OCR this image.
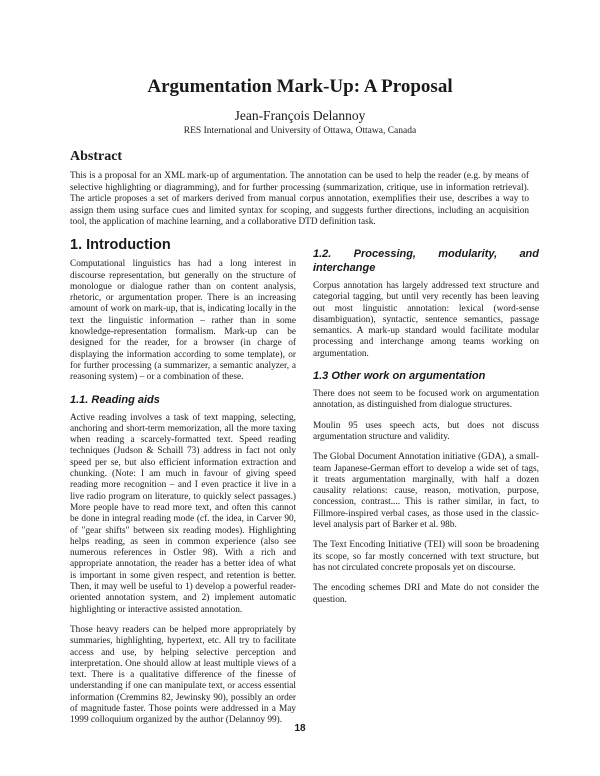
Argumentation Mark-Up: A Proposal

Jean-François Delannoy

RES International and University of Ottawa, Ottawa, Canada

Abstract

This is a proposal for an XML mark-up of argumentation. The annotation can be used to help the reader (e.g. by means of selective highlighting or diagramming), and for further processing (summarization, critique, use in information retrieval). The article proposes a set of markers derived from manual corpus annotation, exemplifies their use, describes a way to assign them using surface cues and limited syntax for scoping, and suggests further directions, including an acquisition tool, the application of machine learning, and a collaborative DTD definition task.

1. Introduction

Computational linguistics has had a long interest in discourse representation, but generally on the structure of monologue or dialogue rather than on content analysis, rhetoric, or argumentation proper. There is an increasing amount of work on mark-up, that is, indicating locally in the text the linguistic information – rather than in some knowledge-representation formalism. Mark-up can be designed for the reader, for a browser (in charge of displaying the information according to some template), or for further processing (a summarizer, a semantic analyzer, a reasoning system) – or a combination of these.

1.1. Reading aids

Active reading involves a task of text mapping, selecting, anchoring and short-term memorization, all the more taxing when reading a scarcely-formatted text. Speed reading techniques (Judson & Schaill 73) address in fact not only speed per se, but also efficient information extraction and chunking. (Note: I am much in favour of giving speed reading more recognition – and I even practice it live in a live radio program on literature, to quickly select passages.) More people have to read more text, and often this cannot be done in integral reading mode (cf. the idea, in Carver 90, of "gear shifts" between six reading modes). Highlighting helps reading, as seen in common experience (also see numerous references in Ostler 98). With a rich and appropriate annotation, the reader has a better idea of what is important in some given respect, and retention is better. Then, it may well be useful to 1) develop a powerful reader-oriented annotation system, and 2) implement automatic highlighting or interactive assisted annotation.

Those heavy readers can be helped more appropriately by summaries, highlighting, hypertext, etc. All try to facilitate access and use, by helping selective perception and interpretation. One should allow at least multiple views of a text. There is a qualitative difference of the finesse of understanding if one can manipulate text, or access essential information (Cremmins 82, Jewinsky 90), possibly an order of magnitude faster. Those points were addressed in a May 1999 colloquium organized by the author (Delannoy 99).

1.2. Processing, modularity, and interchange

Corpus annotation has largely addressed text structure and categorial tagging, but until very recently has been leaving out most linguistic annotation: lexical (word-sense disambiguation), syntactic, sentence semantics, passage semantics. A mark-up standard would facilitate modular processing and interchange among teams working on argumentation.

1.3 Other work on argumentation

There does not seem to be focused work on argumentation annotation, as distinguished from dialogue structures.

Moulin 95 uses speech acts, but does not discuss argumentation structure and validity.

The Global Document Annotation initiative (GDA), a small-team Japanese-German effort to develop a wide set of tags, it treats argumentation marginally, with half a dozen causality relations: cause, reason, motivation, purpose, concession, contrast.... This is rather similar, in fact, to Fillmore-inspired verbal cases, as those used in the classic-level analysis part of Barker et al. 98b.

The Text Encoding Initiative (TEI) will soon be broadening its scope, so far mostly concerned with text structure, but has not circulated concrete proposals yet on discourse.

The encoding schemes DRI and Mate do not consider the question.

18
